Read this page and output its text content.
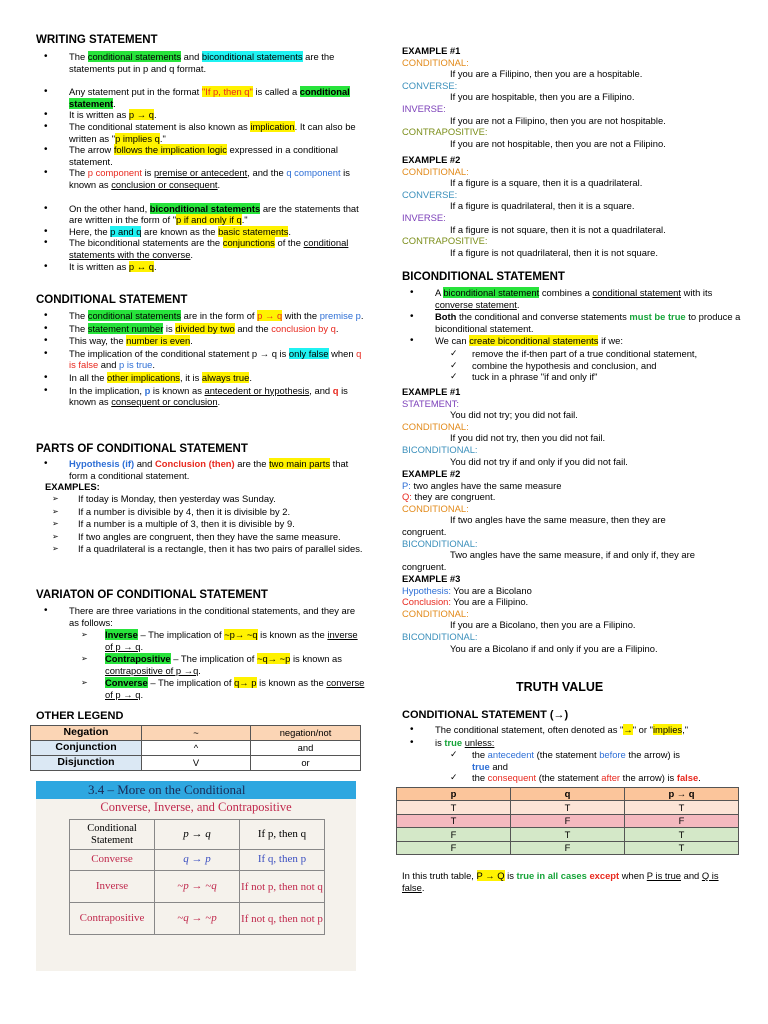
WRITING STATEMENT
• The conditional statements and biconditional statements are the statements put in p and q format.
• Any statement put in the format "If p, then q" is called a conditional statement.
• It is written as p → q.
• The conditional statement is also known as implication. It can also be written as "p implies q."
• The arrow follows the implication logic expressed in a conditional statement.
• The p component is premise or antecedent, and the q component is known as conclusion or consequent.
• On the other hand, biconditional statements are the statements that are written in the form of "p if and only if q."
• Here, the p and q are known as the basic statements.
• The biconditional statements are the conjunctions of the conditional statements with the converse.
• It is written as p ↔ q.
CONDITIONAL STATEMENT
• The conditional statements are in the form of p → q with the premise p.
• The statement number is divided by two and the conclusion by q.
• This way, the number is even.
• The implication of the conditional statement p → q is only false when q is false and p is true.
• In all the other implications, it is always true.
• In the implication, p is known as antecedent or hypothesis, and q is known as consequent or conclusion.
PARTS OF CONDITIONAL STATEMENT
• Hypothesis (if) and Conclusion (then) are the two main parts that form a conditional statement.
EXAMPLES:
➢ If today is Monday, then yesterday was Sunday.
➢ If a number is divisible by 4, then it is divisible by 2.
➢ If a number is a multiple of 3, then it is divisible by 9.
➢ If two angles are congruent, then they have the same measure.
➢ If a quadrilateral is a rectangle, then it has two pairs of parallel sides.
VARIATON OF CONDITIONAL STATEMENT
• There are three variations in the conditional statements, and they are as follows:
➢ Inverse – The implication of ~p→ ~q is known as the inverse of p → q.
➢ Contrapositive – The implication of ~q→ ~p is known as contrapositive of p →q.
➢ Converse – The implication of q→ p is known as the converse of p → q.
OTHER LEGEND
Negation	~	negation/not
Conjunction	^	and
Disjunction	V	or
3.4 – More on the Conditional
Converse, Inverse, and Contrapositive
Conditional Statement	p → q	If p, then q
Converse	q → p	If q, then p
Inverse	~p → ~q	If not p, then not q
Contrapositive	~q → ~p	If not q, then not p
EXAMPLE #1
CONDITIONAL:
If you are a Filipino, then you are a hospitable.
CONVERSE:
If you are hospitable, then you are a Filipino.
INVERSE:
If you are not a Filipino, then you are not hospitable.
CONTRAPOSITIVE:
If you are not hospitable, then you are not a Filipino.
EXAMPLE #2
CONDITIONAL:
If a figure is a square, then it is a quadrilateral.
CONVERSE:
If a figure is quadrilateral, then it is a square.
INVERSE:
If a figure is not square, then it is not a quadrilateral.
CONTRAPOSITIVE:
If a figure is not quadrilateral, then it is not square.
BICONDITIONAL STATEMENT
• A biconditional statement combines a conditional statement with its converse statement.
• Both the conditional and converse statements must be true to produce a biconditional statement.
• We can create biconditional statements if we:
✓ remove the if-then part of a true conditional statement,
✓ combine the hypothesis and conclusion, and
✓ tuck in a phrase "if and only if"
EXAMPLE #1
STATEMENT:
You did not try; you did not fail.
CONDITIONAL:
If you did not try, then you did not fail.
BICONDITIONAL:
You did not try if and only if you did not fail.
EXAMPLE #2
P: two angles have the same measure
Q: they are congruent.
CONDITIONAL:
If two angles have the same measure, then they are
congruent.
BICONDITIONAL:
Two angles have the same measure, if and only if, they are
congruent.
EXAMPLE #3
Hypothesis: You are a Bicolano
Conclusion: You are a Filipino.
CONDITIONAL:
If you are a Bicolano, then you are a Filipino.
BICONDITIONAL:
You are a Bicolano if and only if you are a Filipino.
TRUTH VALUE
CONDITIONAL STATEMENT (→)
• The conditional statement, often denoted as "→" or "implies,"
• is true unless:
✓ the antecedent (the statement before the arrow) is
true and
✓ the consequent (the statement after the arrow) is false.
p	q	p → q
T	T	T
T	F	F
F	T	T
F	F	T
In this truth table, P → Q is true in all cases except when P is true and Q is false.
